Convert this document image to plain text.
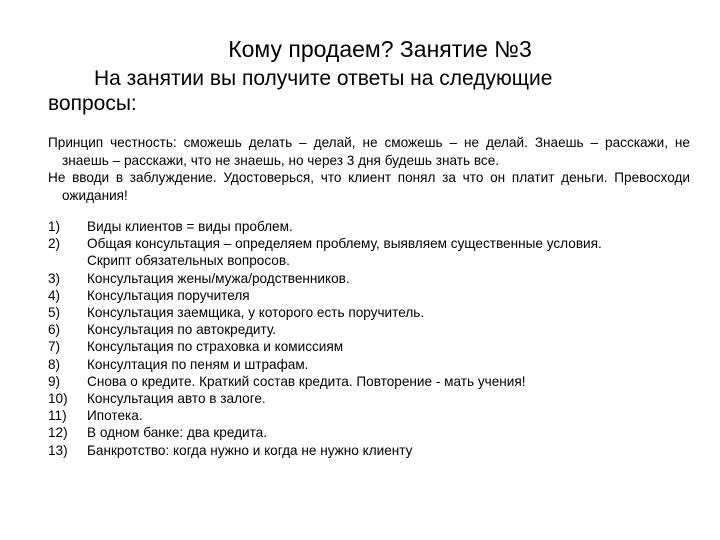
Кому продаем? Занятие №3
На занятии вы получите ответы на следующие
вопросы:

Принцип честность: сможешь делать – делай, не сможешь – не делай. Знаешь – расскажи, не знаешь – расскажи, что не знаешь, но через 3 дня будешь знать все.

Не вводи в заблуждение. Удостоверься, что клиент понял за что он платит деньги. Превосходи ожидания!

1)	Виды клиентов = виды проблем.
2)	Общая консультация – определяем проблему, выявляем существенные условия.
Скрипт обязательных вопросов.
3)	Консультация жены/мужа/родственников.
4)	Консультация поручителя
5)	Консультация заемщика, у которого есть поручитель.
6)	Консультация по автокредиту.
7)	Консультация по страховка и комиссиям
8)	Консултация по пеням и штрафам.
9)	Снова о кредите. Краткий состав кредита. Повторение - мать учения!
10)	Консультация авто в залоге.
11)	Ипотека.
12)	В одном банке: два кредита.
13)	Банкротство: когда нужно и когда не нужно клиенту
